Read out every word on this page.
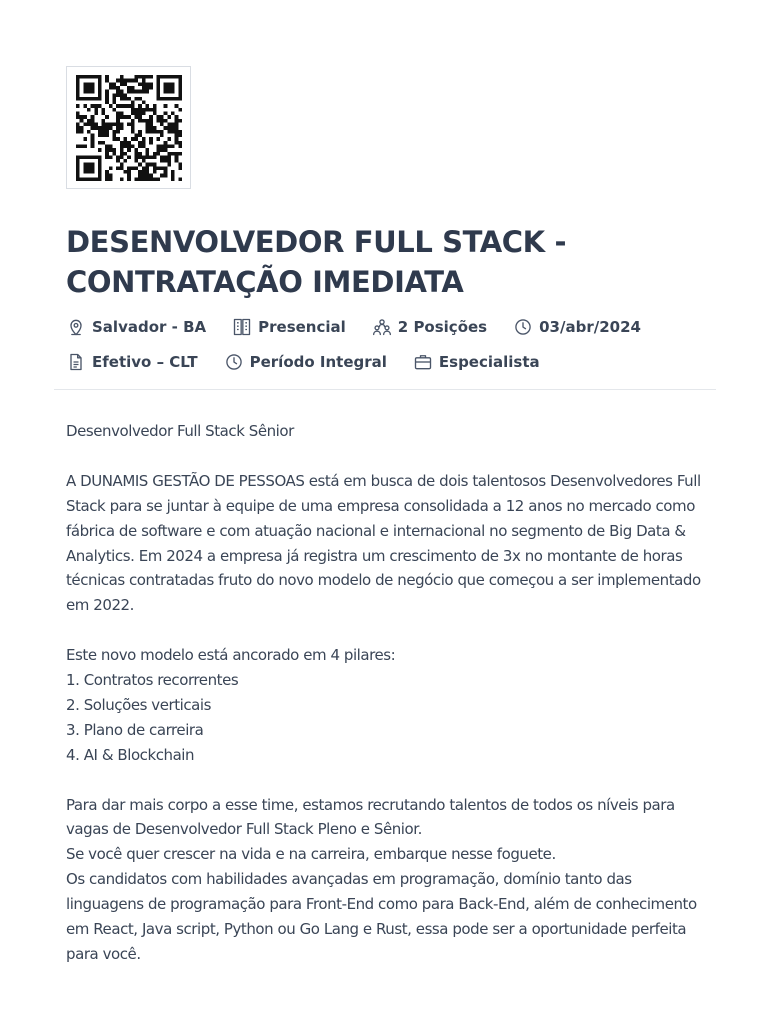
DESENVOLVEDOR FULL STACK - CONTRATAÇÃO IMEDIATA
Salvador - BA	Presencial	2 Posições	03/abr/2024
Efetivo – CLT	Período Integral	Especialista

Desenvolvedor Full Stack Sênior

A DUNAMIS GESTÃO DE PESSOAS está em busca de dois talentosos Desenvolvedores Full Stack para se juntar à equipe de uma empresa consolidada a 12 anos no mercado como fábrica de software e com atuação nacional e internacional no segmento de Big Data & Analytics. Em 2024 a empresa já registra um crescimento de 3x no montante de horas técnicas contratadas fruto do novo modelo de negócio que começou a ser implementado em 2022.

Este novo modelo está ancorado em 4 pilares:

1. Contratos recorrentes

2. Soluções verticais

3. Plano de carreira

4. AI & Blockchain

Para dar mais corpo a esse time, estamos recrutando talentos de todos os níveis para vagas de Desenvolvedor Full Stack Pleno e Sênior.

Se você quer crescer na vida e na carreira, embarque nesse foguete.

Os candidatos com habilidades avançadas em programação, domínio tanto das linguagens de programação para Front-End como para Back-End, além de conhecimento em React, Java script, Python ou Go Lang e Rust, essa pode ser a oportunidade perfeita para você.
